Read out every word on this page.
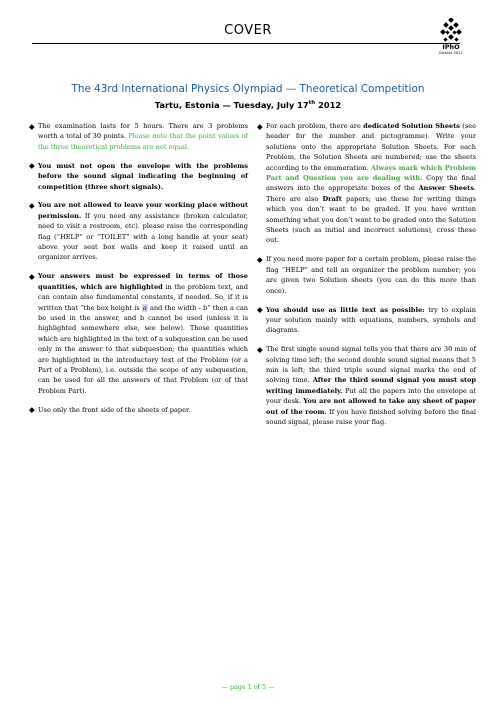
COVER
IPhO
Estonia 2012
The 43rd International Physics Olympiad — Theoretical Competition
Tartu, Estonia — Tuesday, July 17th 2012
The examination lasts for 5 hours. There are 3 problems worth a total of 30 points. Please note that the point values of the three theoretical problems are not equal.
You must not open the envelope with the problems before the sound signal indicating the beginning of competition (three short signals).
You are not allowed to leave your working place without permission. If you need any assistance (broken calculator, need to visit a restroom, etc). please raise the corresponding flag (“HELP” or “TOILET” with a long handle at your seat) above your seat box walls and keep it raised until an organizer arrives.
Your answers must be expressed in terms of those quantities, which are highlighted in the problem text, and can contain also fundamental constants, if needed. So, if it is written that “the box height is a and the width - b” then a can be used in the answer, and b cannot be used (unless it is highlighted somewhere else, see below). Those quantities which are highlighted in the text of a subquestion can be used only in the answer to that subquestion; the quantities which are highlighted in the introductory text of the Problem (or a Part of a Problem), i.e. outside the scope of any subquestion, can be used for all the answers of that Problem (or of that Problem Part).
Use only the front side of the sheets of paper.
For each problem, there are dedicated Solution Sheets (see header for the number and pictogramme). Write your solutions onto the appropriate Solution Sheets. For each Problem, the Solution Sheets are numbered; use the sheets according to the enumeration. Always mark which Problem Part and Question you are dealing with. Copy the final answers into the appropriate boxes of the Answer Sheets. There are also Draft papers; use these for writing things which you don’t want to be graded. If you have written something what you don’t want to be graded onto the Solution Sheets (such as initial and incorrect solutions), cross these out.
If you need more paper for a certain problem, please raise the flag “HELP” and tell an organizer the problem number; you are given two Solution sheets (you can do this more than once).
You should use as little text as possible: try to explain your solution mainly with equations, numbers, symbols and diagrams.
The first single sound signal tells you that there are 30 min of solving time left; the second double sound signal means that 5 min is left; the third triple sound signal marks the end of solving time. After the third sound signal you must stop writing immediately. Put all the papers into the envelope at your desk. You are not allowed to take any sheet of paper out of the room. If you have finished solving before the final sound signal, please raise your flag.
— page 1 of 5 —
